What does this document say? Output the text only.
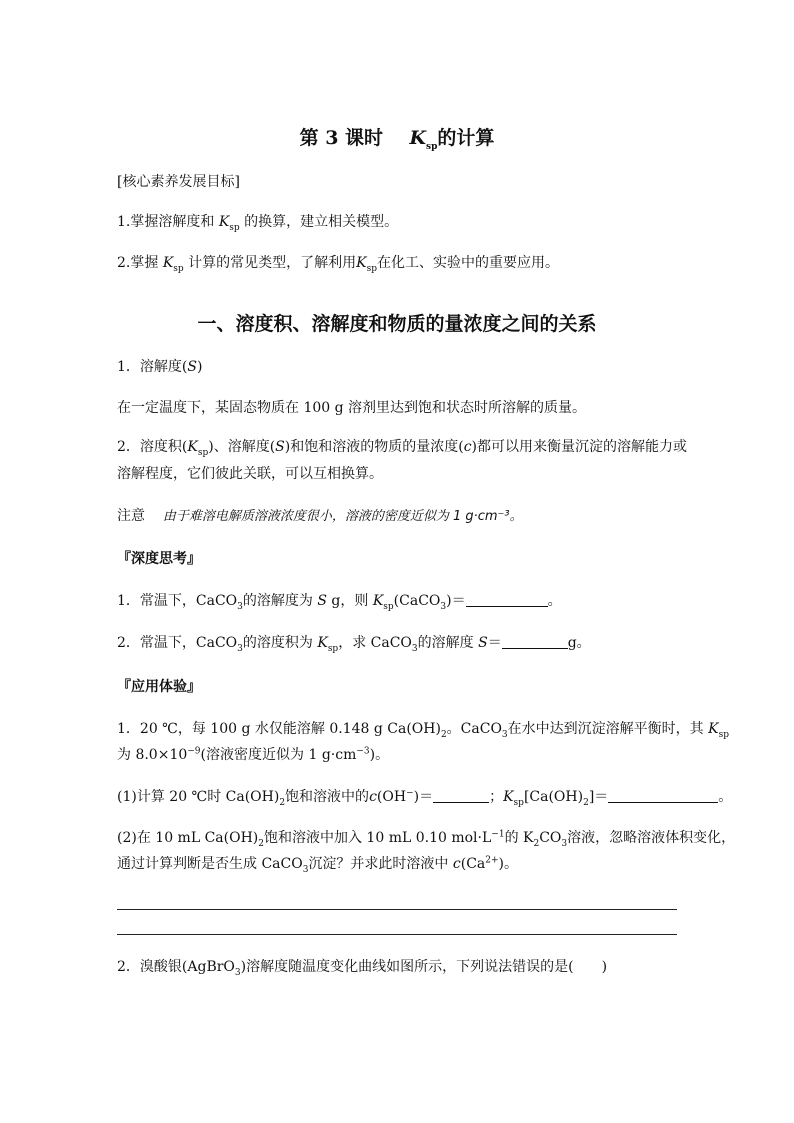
第 3 课时 $K_{sp}$的计算
[核心素养发展目标]
1.掌握溶解度和 $K_{sp}$ 的换算，建立相关模型。
2.掌握 $K_{sp}$ 计算的常见类型，了解利用$K_{sp}$在化工、实验中的重要应用。
一、溶度积、溶解度和物质的量浓度之间的关系
1．溶解度(S)
在一定温度下，某固态物质在 100 g 溶剂里达到饱和状态时所溶解的质量。
2．溶度积$(K_{sp})$、溶解度(S)和饱和溶液的物质的量浓度(c)都可以用来衡量沉淀的溶解能力或
溶解程度，它们彼此关联，可以互相换算。
注意 由于难溶电解质溶液浓度很小，溶液的密度近似为 1 g·cm⁻³。
『深度思考』
1．常温下，CaCO$_3$的溶解度为 S g，则 $K_{sp}(CaCO_3)=$	。
2．常温下，CaCO$_3$的溶度积为 $K_{sp}$，求 CaCO$_3$的溶解度 S＝	g。
『应用体验』
1．20 ℃，每 100 g 水仅能溶解 0.148 g $Ca(OH)_2$。CaCO$_3$在水中达到沉淀溶解平衡时，其 $K_{sp}$
为 $8.0\times 10^{-9}$(溶液密度近似为 1 $g\cdot cm^{-3}$)。
(1)计算 20 ℃时 $Ca(OH)_2$饱和溶液中的c(OH−)＝	；$K_{sp}[Ca(OH)_2]=$	。
(2)在 10 mL $Ca(OH)_2$饱和溶液中加入 10 mL 0.10 $mol\cdot L^{-1}$的 $K_2CO_3$溶液，忽略溶液体积变化，
通过计算判断是否生成 CaCO$_3$沉淀？并求此时溶液中 $c(Ca^{2+})$。
2．溴酸银(AgBrO$_3$)溶解度随温度变化曲线如图所示，下列说法错误的是(　　)
